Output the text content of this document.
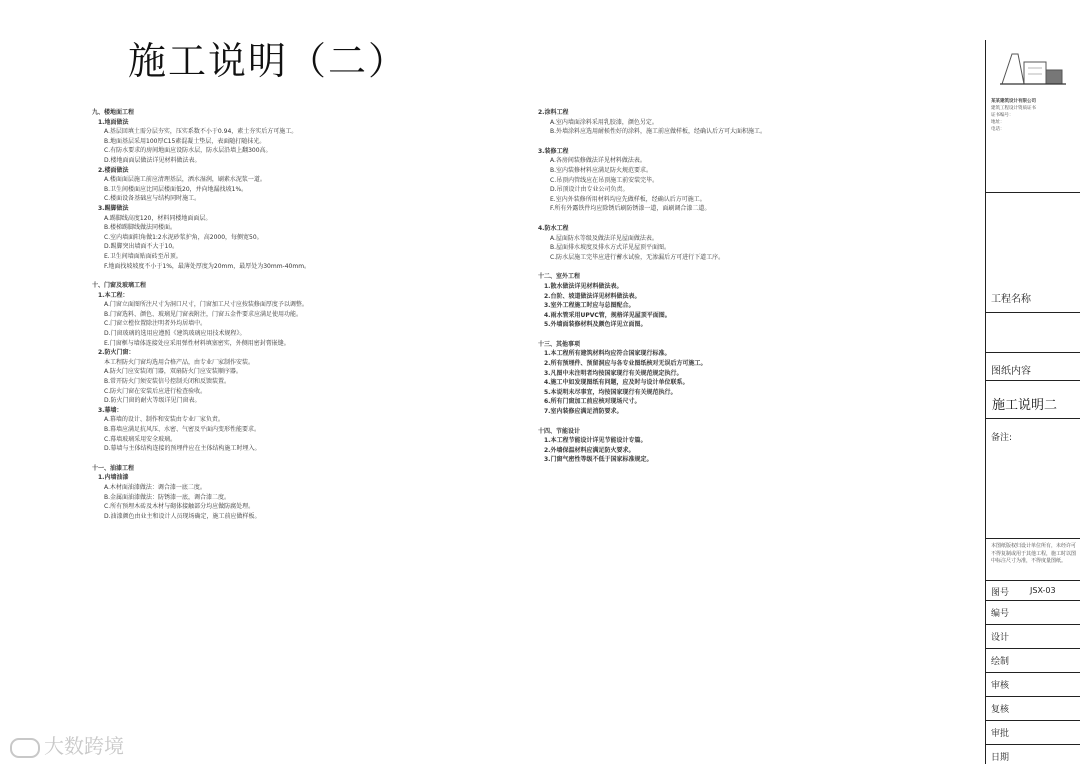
施工说明（二）
九、楼地面工程
1.地面做法
A.基层回填土需分层夯实，压实系数不小于0.94，素土夯实后方可施工。
B.地面基层采用100厚C15素混凝土垫层，表面随打随抹光。
C.有防水要求的房间地面应设防水层，防水层沿墙上翻300高。
D.楼地面面层做法详见材料做法表。
2.楼面做法
A.楼面面层施工前应清理基层，洒水湿润，刷素水泥浆一道。
B.卫生间楼面应比同层楼面低20，并向地漏找坡1%。
C.楼面设备基础应与结构同时施工。
3.踢脚做法
A.踢脚线高度120，材料同楼地面面层。
B.楼梯踢脚线做法同楼面。
C.室内墙面阳角做1:2水泥砂浆护角，高2000，每侧宽50。
D.踢脚突出墙面不大于10。
E.卫生间墙面贴面砖至吊顶。
F.地面找坡坡度不小于1%，最薄处厚度为20mm，最厚处为30mm-40mm。
十、门窗及玻璃工程
1.本工程：
A.门窗立面图所注尺寸为洞口尺寸，门窗加工尺寸应按装修面厚度予以调整。
B.门窗选料、颜色、玻璃见门窗表附注，门窗五金件要求应满足使用功能。
C.门窗立樘位置除注明者外均居墙中。
D.门窗玻璃的选用应遵照《建筑玻璃应用技术规程》。
E.门窗框与墙体连接处应采用弹性材料填塞密实，外侧用密封膏嵌缝。
2.防火门窗：
本工程防火门窗均选用合格产品，由专业厂家制作安装。
A.防火门应安装闭门器，双扇防火门应安装顺序器。
B.常开防火门须安装信号控制关闭和反馈装置。
C.防火门窗在安装后应进行检查验收。
D.防火门窗的耐火等级详见门窗表。
3.幕墙：
A.幕墙的设计、制作和安装由专业厂家负责。
B.幕墙应满足抗风压、水密、气密及平面内变形性能要求。
C.幕墙玻璃采用安全玻璃。
D.幕墙与主体结构连接的预埋件应在主体结构施工时埋入。
十一、油漆工程
1.内墙油漆
A.木材面油漆做法：调合漆一底二度。
B.金属面油漆做法：防锈漆一底，调合漆二度。
C.所有预埋木砖及木材与砌体接触部分均应做防腐处理。
D.油漆颜色由业主和设计人员现场确定，施工前应做样板。
2.涂料工程
A.室内墙面涂料采用乳胶漆，颜色另定。
B.外墙涂料应选用耐候性好的涂料，施工前应做样板，经确认后方可大面积施工。
3.装修工程
A.各房间装修做法详见材料做法表。
B.室内装修材料应满足防火规范要求。
C.吊顶内管线应在吊顶施工前安装完毕。
D.吊顶设计由专业公司负责。
E.室内外装修所用材料均应先做样板，经确认后方可施工。
F.所有外露铁件均应除锈后刷防锈漆一道，面刷调合漆二道。
4.防水工程
A.屋面防水等级及做法详见屋面做法表。
B.屋面排水坡度及排水方式详见屋顶平面图。
C.防水层施工完毕应进行蓄水试验，无渗漏后方可进行下道工序。
十二、室外工程
1.散水做法详见材料做法表。
2.台阶、坡道做法详见材料做法表。
3.室外工程施工时应与总图配合。
4.雨水管采用UPVC管，规格详见屋顶平面图。
5.外墙面装修材料及颜色详见立面图。
十三、其他事项
1.本工程所有建筑材料均应符合国家现行标准。
2.所有预埋件、预留洞应与各专业图纸核对无误后方可施工。
3.凡图中未注明者均按国家现行有关规范规定执行。
4.施工中如发现图纸有问题，应及时与设计单位联系。
5.本说明未尽事宜，均按国家现行有关规范执行。
6.所有门窗加工前应核对现场尺寸。
7.室内装修应满足消防要求。
十四、节能设计
1.本工程节能设计详见节能设计专篇。
2.外墙保温材料应满足防火要求。
3.门窗气密性等级不低于国家标准规定。
某某建筑设计有限公司
建筑工程设计资质证书
证书编号：
地址：
电话：
工程名称
图纸内容
施工说明二
备注:
本图纸版权归设计单位所有，未经许可不得复制或用于其他工程，施工时以图中标注尺寸为准，不得度量图纸。
图号	JSX-03
编号
设计
绘制
审核
复核
审批
日期
大数跨境
